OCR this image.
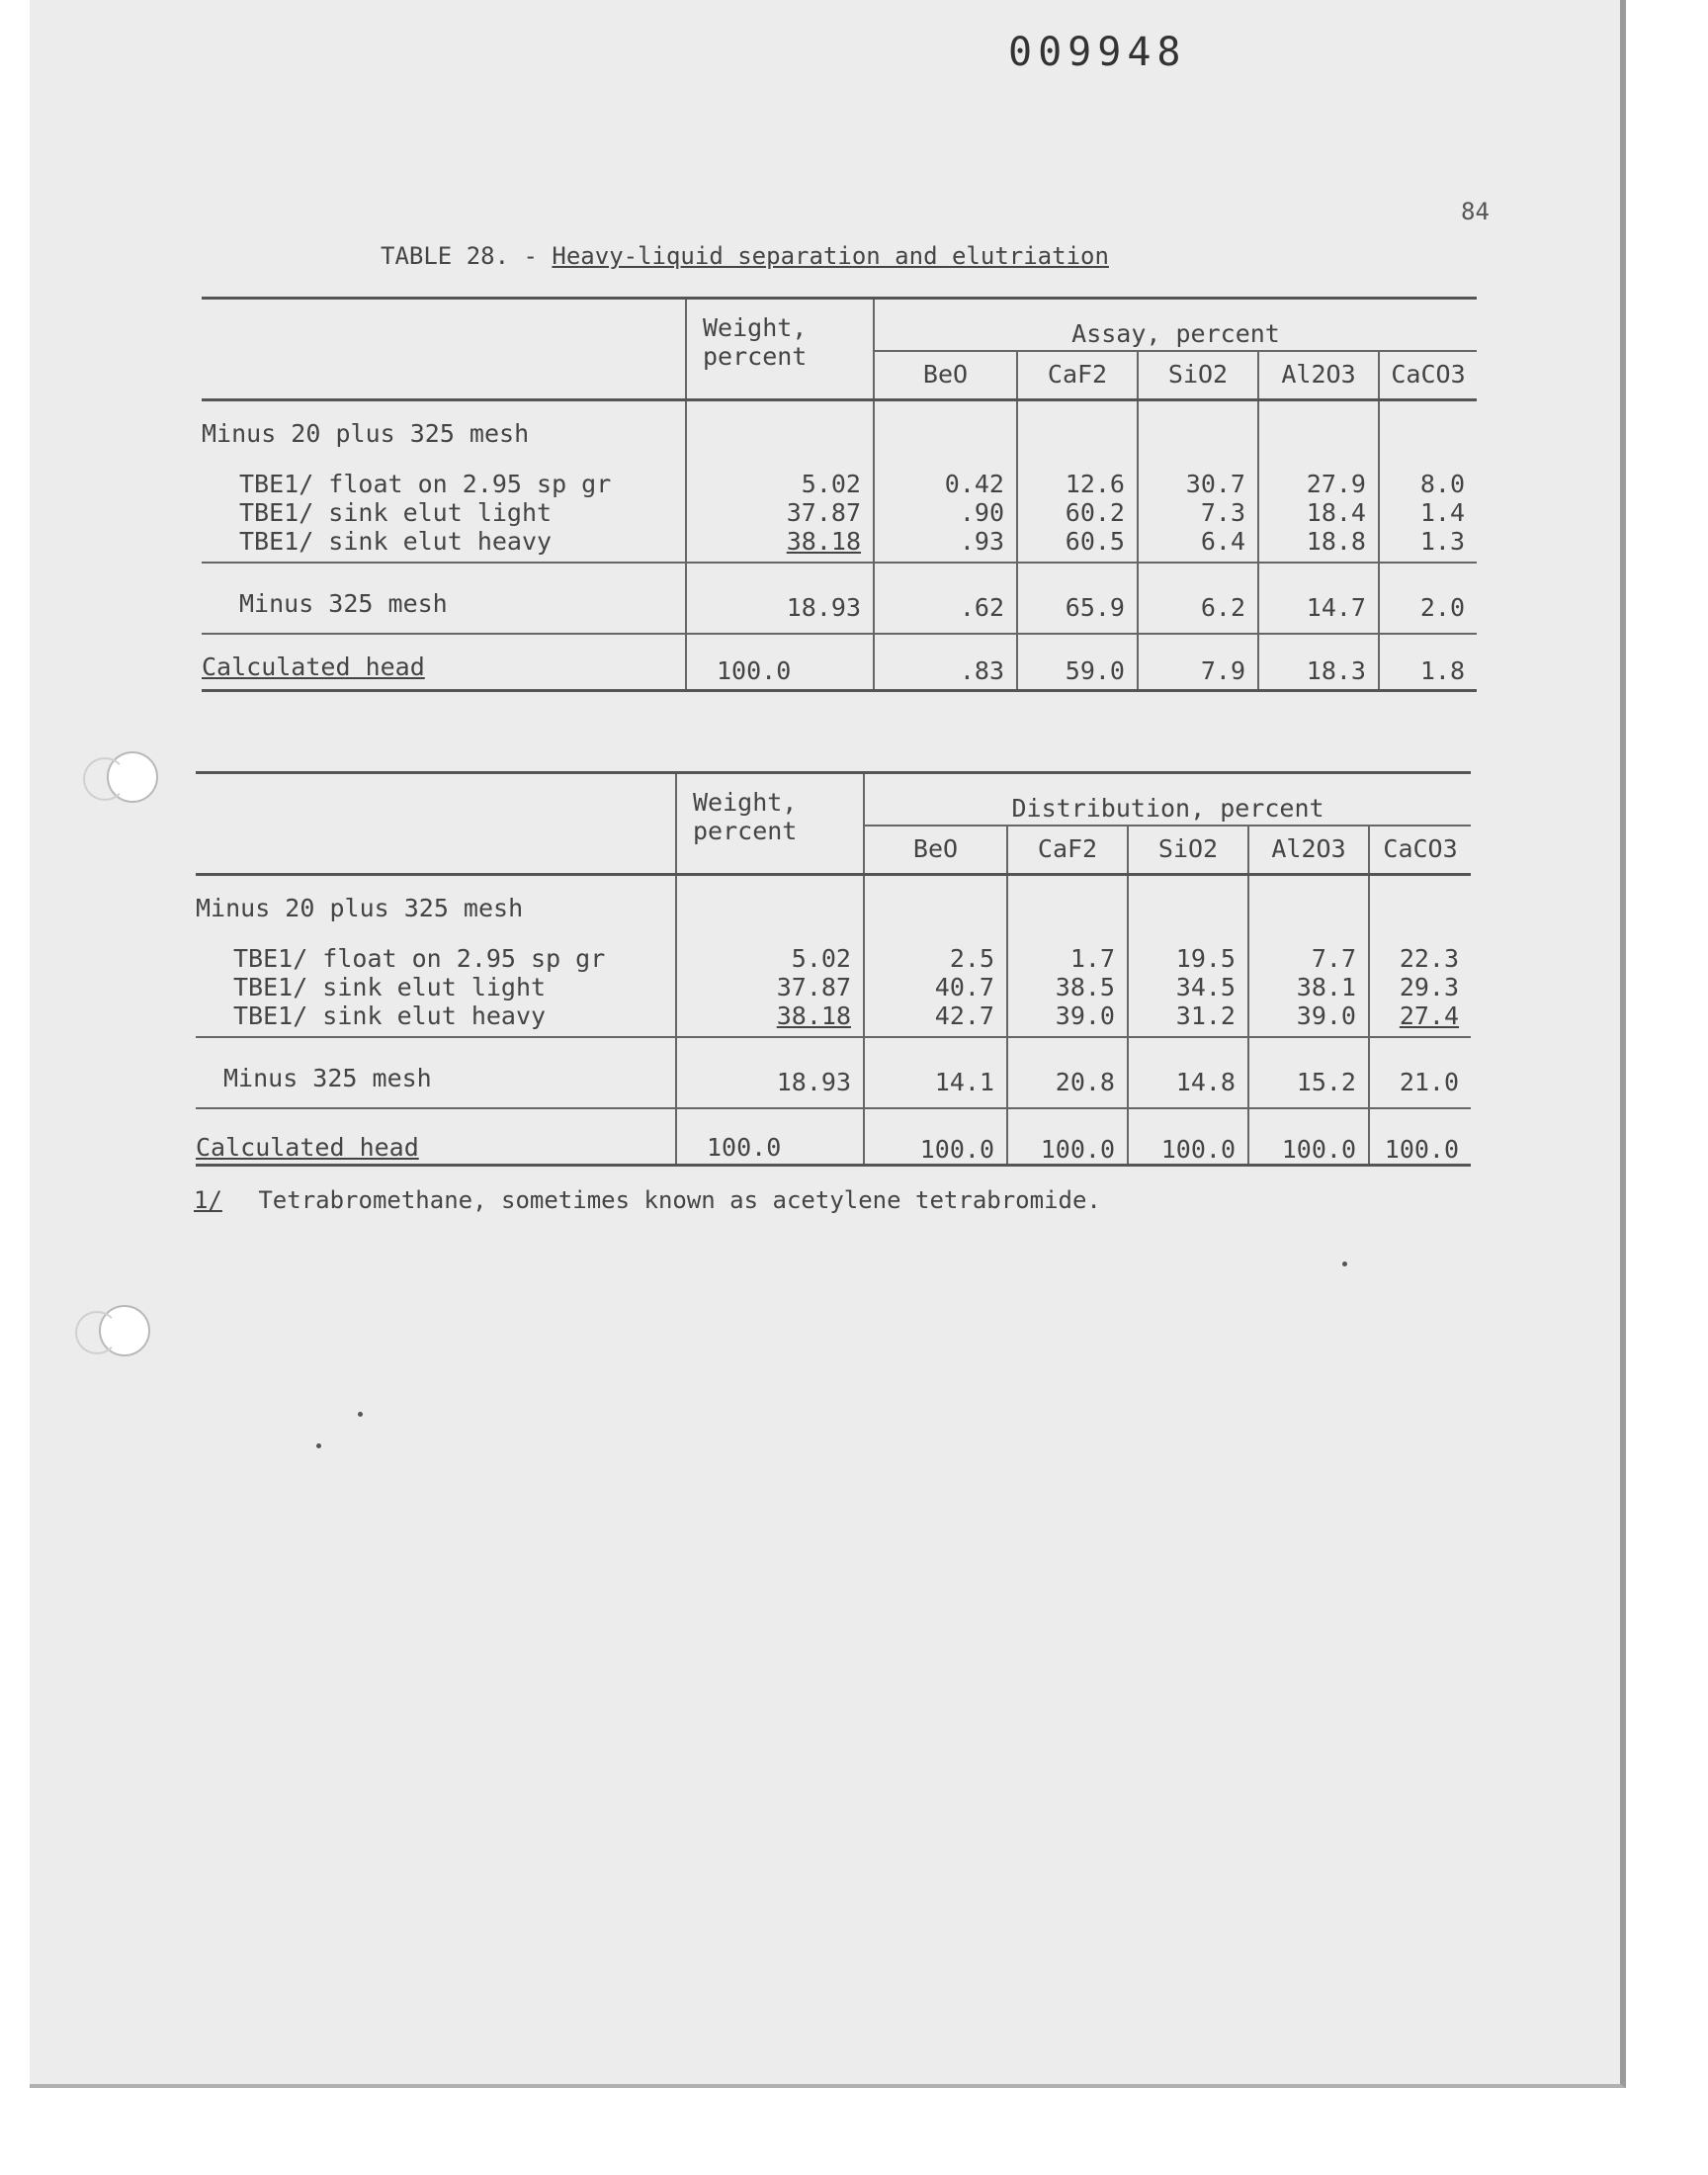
009948
84
TABLE 28. - Heavy-liquid separation and elutriation

	Weight,
percent	Assay, percent				
		BeO	CaF2	SiO2	Al2O3	CaCO3
Minus 20 plus 325 mesh						
TBE1/ float on 2.95 sp gr	5.02	0.42	12.6	30.7	27.9	8.0
TBE1/ sink elut light	37.87	.90	60.2	7.3	18.4	1.4
TBE1/ sink elut heavy	38.18	.93	60.5	6.4	18.8	1.3
Minus 325 mesh	18.93	.62	65.9	6.2	14.7	2.0
Calculated head	100.0	.83	59.0	7.9	18.3	1.8

	Weight,
percent	Distribution, percent				
		BeO	CaF2	SiO2	Al2O3	CaCO3
Minus 20 plus 325 mesh						
TBE1/ float on 2.95 sp gr	5.02	2.5	1.7	19.5	7.7	22.3
TBE1/ sink elut light	37.87	40.7	38.5	34.5	38.1	29.3
TBE1/ sink elut heavy	38.18	42.7	39.0	31.2	39.0	27.4
Minus 325 mesh	18.93	14.1	20.8	14.8	15.2	21.0
Calculated head	100.0	100.0	100.0	100.0	100.0	100.0
1/ Tetrabromethane, sometimes known as acetylene tetrabromide.
